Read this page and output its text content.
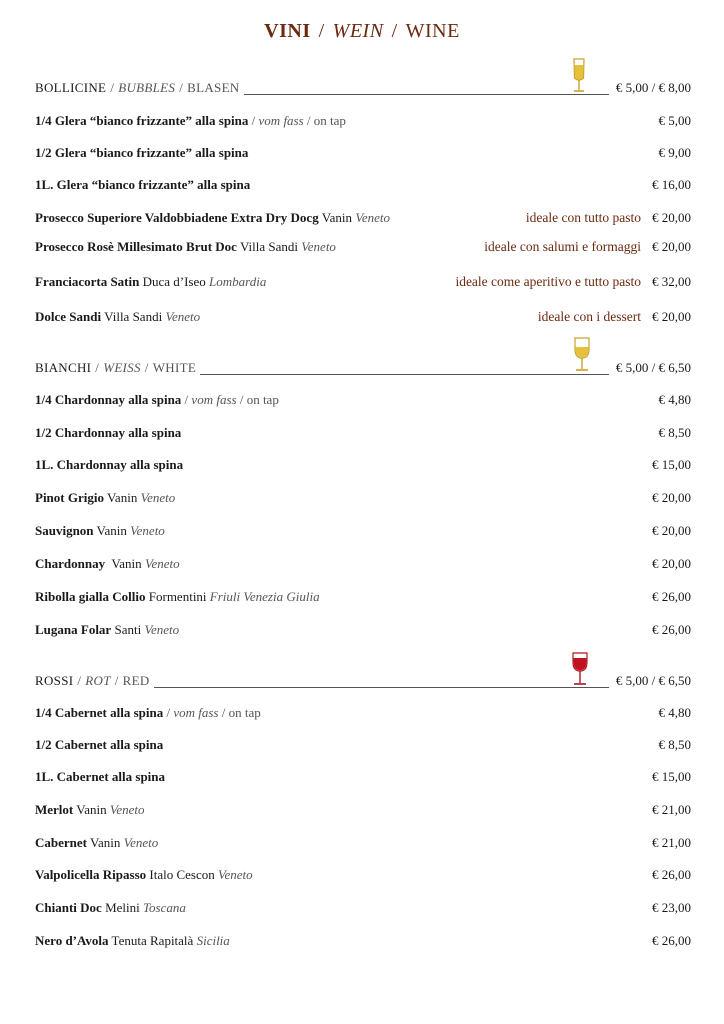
VINI / WEIN / WINE
BOLLICINE / BUBBLES / BLASEN	€ 5,00 / € 8,00
1/4 Glera “bianco frizzante” alla spina / vom fass / on tap	€ 5,00
1/2 Glera “bianco frizzante” alla spina	€ 9,00
1L. Glera “bianco frizzante” alla spina	€ 16,00
Prosecco Superiore Valdobbiadene Extra Dry Docg Vanin Veneto	ideale con tutto pasto € 20,00
Prosecco Rosè Millesimato Brut Doc Villa Sandi Veneto	ideale con salumi e formaggi € 20,00
Franciacorta Satin Duca d’Iseo Lombardia	ideale come aperitivo e tutto pasto € 32,00
Dolce Sandi Villa Sandi Veneto	ideale con i dessert € 20,00
BIANCHI / WEISS / WHITE	€ 5,00 / € 6,50
1/4 Chardonnay alla spina / vom fass / on tap	€ 4,80
1/2 Chardonnay alla spina	€ 8,50
1L. Chardonnay alla spina	€ 15,00
Pinot Grigio Vanin Veneto	€ 20,00
Sauvignon Vanin Veneto	€ 20,00
Chardonnay  Vanin Veneto	€ 20,00
Ribolla gialla Collio Formentini Friuli Venezia Giulia	€ 26,00
Lugana Folar Santi Veneto	€ 26,00
ROSSI / ROT / RED	€ 5,00 / € 6,50
1/4 Cabernet alla spina / vom fass / on tap	€ 4,80
1/2 Cabernet alla spina	€ 8,50
1L. Cabernet alla spina	€ 15,00
Merlot Vanin Veneto	€ 21,00
Cabernet Vanin Veneto	€ 21,00
Valpolicella Ripasso Italo Cescon Veneto	€ 26,00
Chianti Doc Melini Toscana	€ 23,00
Nero d’Avola Tenuta Rapitalà Sicilia	€ 26,00
